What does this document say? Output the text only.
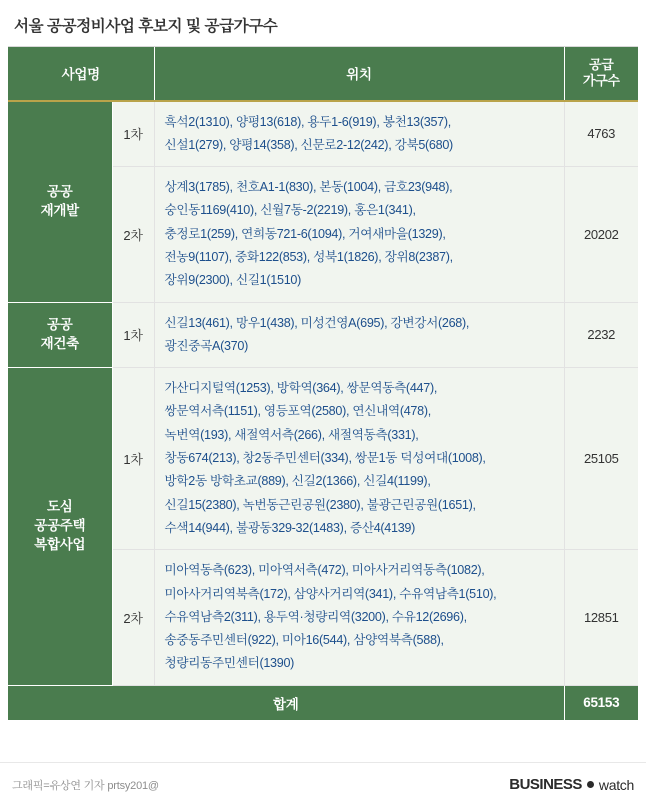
서울 공공정비사업 후보지 및 공급가구수
사업명		위치	공급
가구수
공공
재개발	1차	흑석2(1310), 양평13(618), 용두1-6(919), 봉천13(357),
신설1(279), 양평14(358), 신문로2-12(242), 강북5(680)	4763
	2차	상계3(1785), 천호A1-1(830), 본동(1004), 금호23(948),
숭인동1169(410), 신월7동-2(2219), 홍은1(341),
충정로1(259), 연희동721-6(1094), 거여새마을(1329),
전농9(1107), 중화122(853), 성북1(1826), 장위8(2387),
장위9(2300), 신길1(1510)	20202
공공
재건축	1차	신길13(461), 망우1(438), 미성건영A(695), 강변강서(268),
광진중곡A(370)	2232
도심
공공주택
복합사업	1차	
가산디지털역(1253), 방학역(364), 쌍문역동측(447),
쌍문역서측(1151), 영등포역(2580), 연신내역(478),
녹번역(193), 새절역서측(266), 새절역동측(331),
창동674(213), 창2동주민센터(334), 쌍문1동 덕성여대(1008),
방학2동 방학초교(889), 신길2(1366), 신길4(1199),
신길15(2380), 녹번동근린공원(2380), 불광근린공원(1651),
수색14(944), 불광동329-32(1483), 증산4(4139)
	25105
	2차	미아역동측(623), 미아역서측(472), 미아사거리역동측(1082),
미아사거리역북측(172), 삼양사거리역(341), 수유역남측1(510),
수유역남측2(311), 용두역·청량리역(3200), 수유12(2696),
송중동주민센터(922), 미아16(544), 삼양역북측(588),
청량리동주민센터(1390)	12851
합계			65153
그래픽=유상연 기자 prtsy201@	BUSINESS watch
